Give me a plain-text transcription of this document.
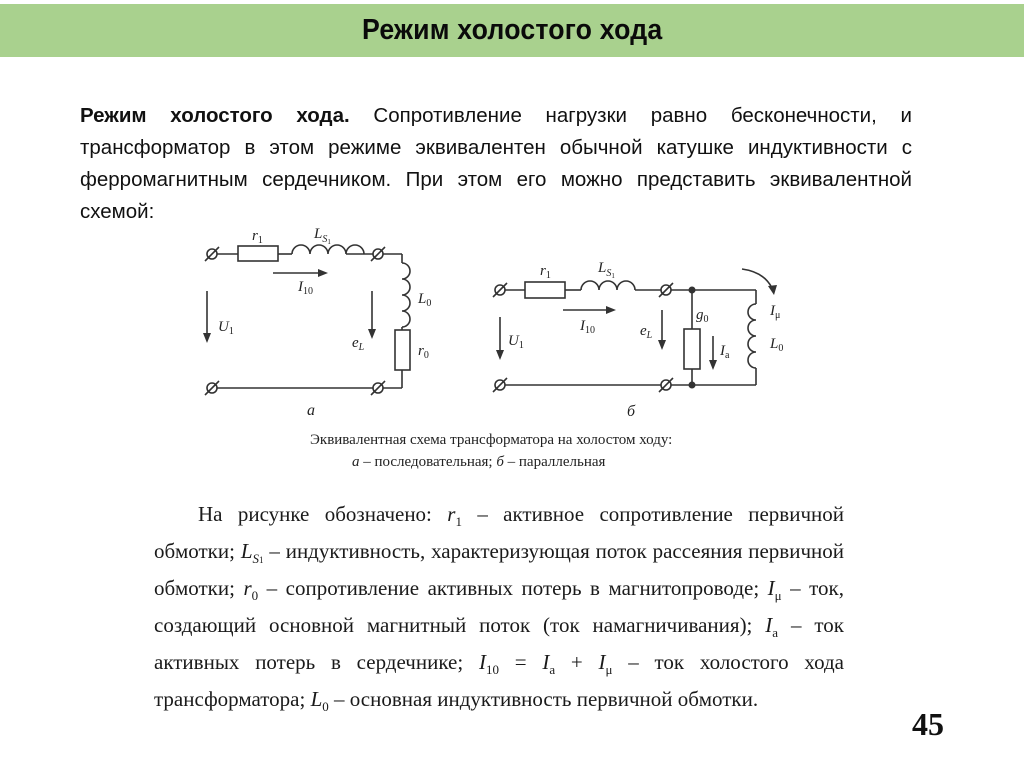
Режим холостого хода
Режим холостого хода. Сопротивление нагрузки равно бесконечности, и трансформатор в этом режиме эквивалентен обычной катушке индуктивности с ферромагнитным сердечником. При этом его можно представить эквивалентной схемой:
$r_1$	$L_S1$
$I_{10}$
$U_1$
$e_L$
$L_0$
$r_0$
а
$r_1$	$L_S1$
$I_{10}$
$U_1$
$e_L$
$g_0$
$I_а$
$I_\mu$
$L_0$
б
Эквивалентная схема трансформатора на холостом ходу:
а – последовательная; б – параллельная

На рисунке обозначено: $r_1$ – активное сопротивление первичной обмотки; $L_{S1}$ – индуктивность, характеризующая поток рассеяния первичной обмотки; $r_0$ – сопротивление активных потерь в магнитопроводе; $I_\mu$ – ток, создающий основной магнитный поток (ток намагничивания); $I_а$ – ток активных потерь в сердечнике; $I_{10} = I_а + I_\mu$ – ток холостого хода трансформатора; $L_0$ – основная индуктивность первичной обмотки.

45
